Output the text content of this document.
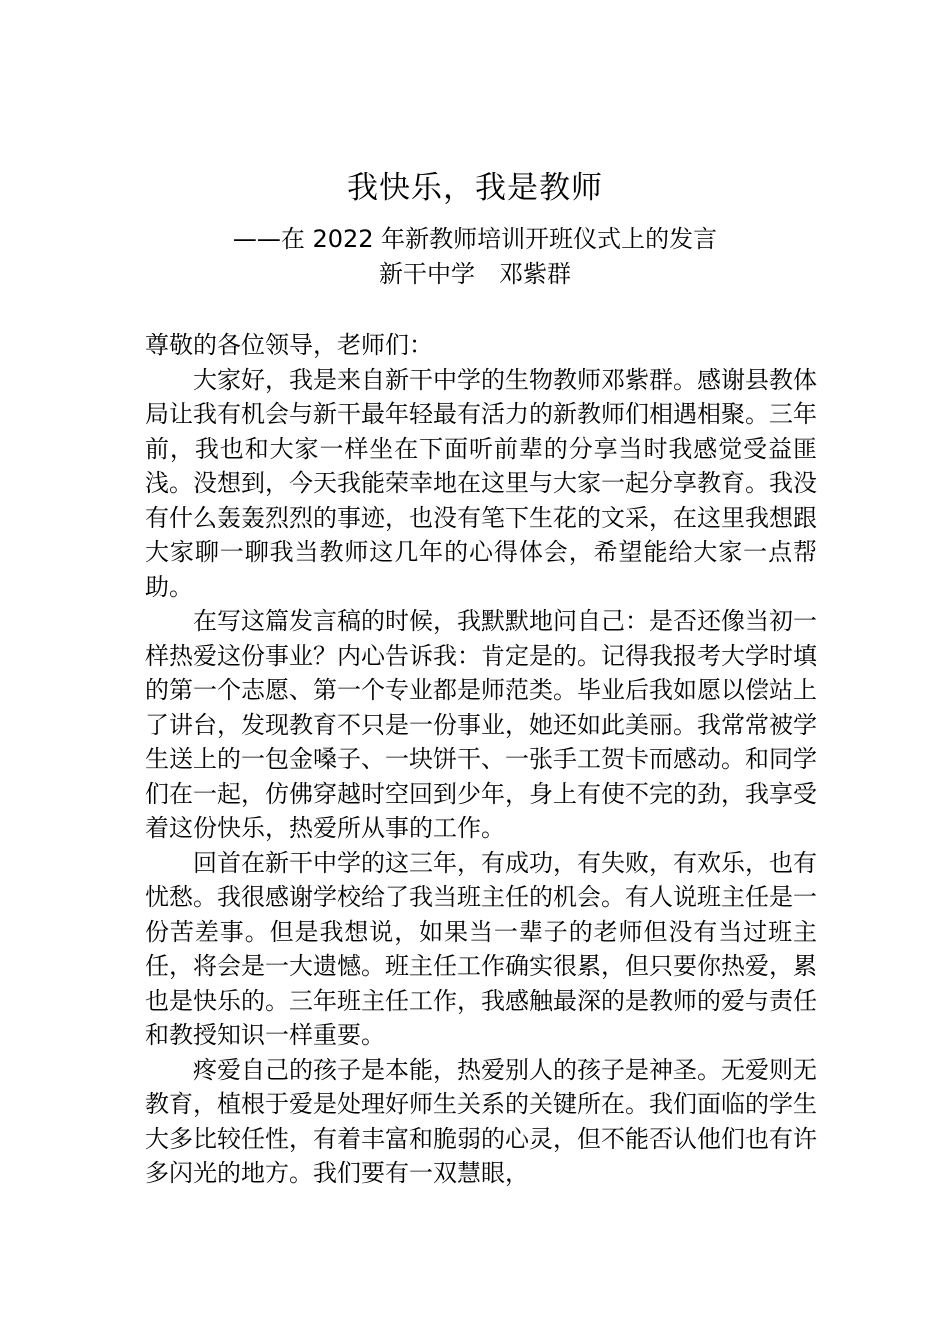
我快乐，我是教师

——在 2022 年新教师培训开班仪式上的发言

新干中学　邓紫群

尊敬的各位领导，老师们：

大家好，我是来自新干中学的生物教师邓紫群。感谢县教体局让我有机会与新干最年轻最有活力的新教师们相遇相聚。三年前，我也和大家一样坐在下面听前辈的分享当时我感觉受益匪浅。没想到，今天我能荣幸地在这里与大家一起分享教育。我没有什么轰轰烈烈的事迹，也没有笔下生花的文采，在这里我想跟大家聊一聊我当教师这几年的心得体会，希望能给大家一点帮助。

在写这篇发言稿的时候，我默默地问自己：是否还像当初一样热爱这份事业？内心告诉我：肯定是的。记得我报考大学时填的第一个志愿、第一个专业都是师范类。毕业后我如愿以偿站上了讲台，发现教育不只是一份事业，她还如此美丽。我常常被学生送上的一包金嗓子、一块饼干、一张手工贺卡而感动。和同学们在一起，仿佛穿越时空回到少年，身上有使不完的劲，我享受着这份快乐，热爱所从事的工作。

回首在新干中学的这三年，有成功，有失败，有欢乐，也有忧愁。我很感谢学校给了我当班主任的机会。有人说班主任是一份苦差事。但是我想说，如果当一辈子的老师但没有当过班主任，将会是一大遗憾。班主任工作确实很累，但只要你热爱，累也是快乐的。三年班主任工作，我感触最深的是教师的爱与责任和教授知识一样重要。

疼爱自己的孩子是本能，热爱别人的孩子是神圣。无爱则无教育，植根于爱是处理好师生关系的关键所在。我们面临的学生大多比较任性，有着丰富和脆弱的心灵，但不能否认他们也有许多闪光的地方。我们要有一双慧眼，
